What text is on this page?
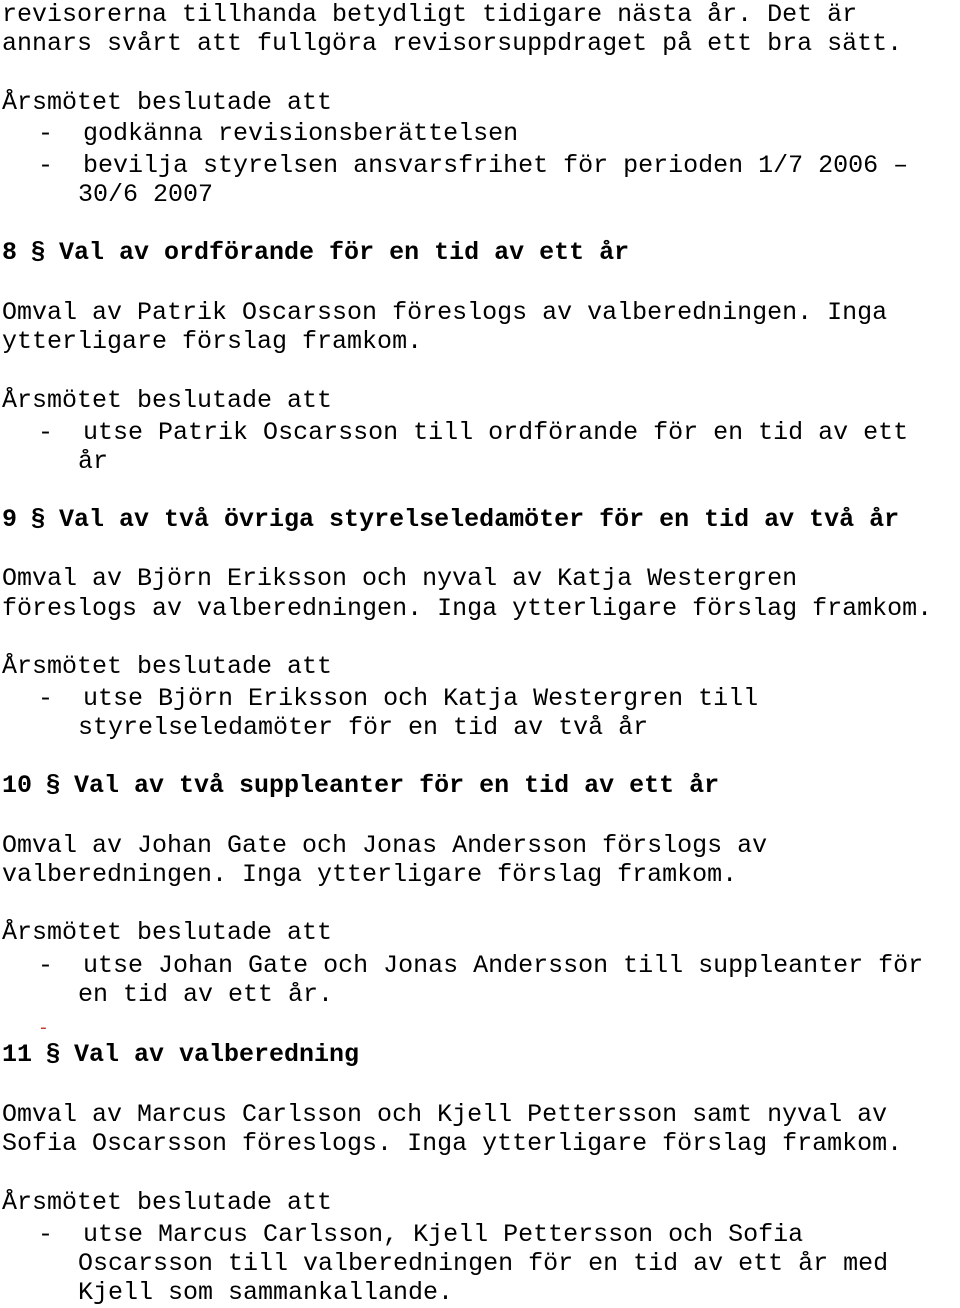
revisorerna tillhanda betydligt tidigare nästa år. Det är
annars svårt att fullgöra revisorsuppdraget på ett bra sätt.
Årsmötet beslutade att
- godkänna revisionsberättelsen
- bevilja styrelsen ansvarsfrihet för perioden 1/7 2006 –
30/6 2007
8 § Val av ordförande för en tid av ett år
Omval av Patrik Oscarsson föreslogs av valberedningen. Inga
ytterligare förslag framkom.
Årsmötet beslutade att
- utse Patrik Oscarsson till ordförande för en tid av ett
år
9 § Val av två övriga styrelseledamöter för en tid av två år
Omval av Björn Eriksson och nyval av Katja Westergren
föreslogs av valberedningen. Inga ytterligare förslag framkom.
Årsmötet beslutade att
- utse Björn Eriksson och Katja Westergren till
styrelseledamöter för en tid av två år
10 § Val av två suppleanter för en tid av ett år
Omval av Johan Gate och Jonas Andersson förslogs av
valberedningen. Inga ytterligare förslag framkom.
Årsmötet beslutade att
- utse Johan Gate och Jonas Andersson till suppleanter för
en tid av ett år.
-
11 § Val av valberedning
Omval av Marcus Carlsson och Kjell Pettersson samt nyval av
Sofia Oscarsson föreslogs. Inga ytterligare förslag framkom.
Årsmötet beslutade att
- utse Marcus Carlsson, Kjell Pettersson och Sofia
Oscarsson till valberedningen för en tid av ett år med
Kjell som sammankallande.
